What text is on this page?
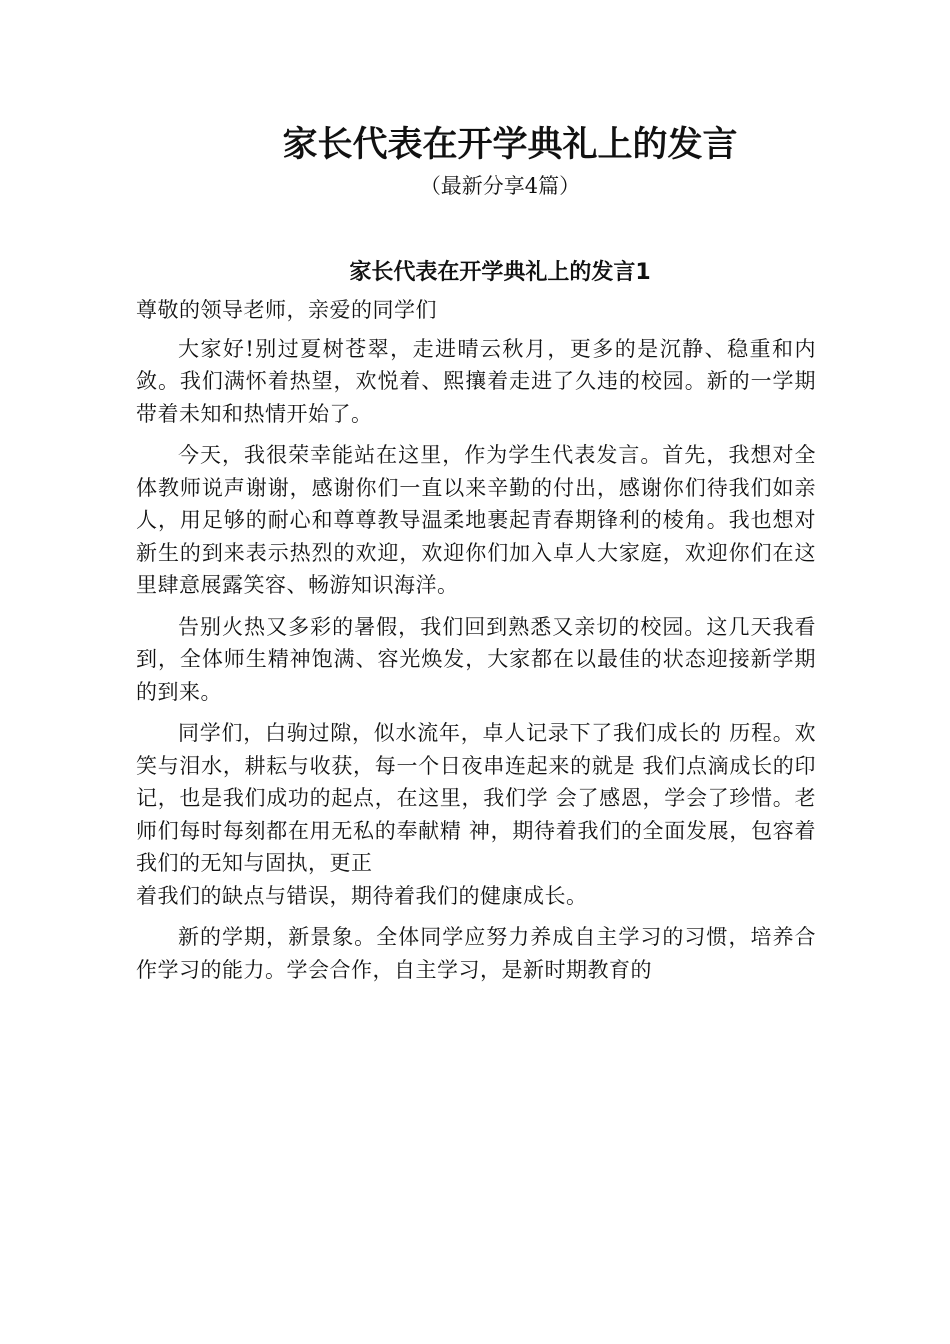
家长代表在开学典礼上的发言
（最新分享4篇）
家长代表在开学典礼上的发言1

尊敬的领导老师，亲爱的同学们

大家好!别过夏树苍翠，走进晴云秋月，更多的是沉静、稳重和内敛。我们满怀着热望，欢悦着、熙攘着走进了久违的校园。新的一学期带着未知和热情开始了。

今天，我很荣幸能站在这里，作为学生代表发言。首先，我想对全体教师说声谢谢，感谢你们一直以来辛勤的付出，感谢你们待我们如亲人，用足够的耐心和尊尊教导温柔地裹起青春期锋利的棱角。我也想对新生的到来表示热烈的欢迎，欢迎你们加入卓人大家庭，欢迎你们在这里肆意展露笑容、畅游知识海洋。

告别火热又多彩的暑假，我们回到熟悉又亲切的校园。这几天我看到，全体师生精神饱满、容光焕发，大家都在以最佳的状态迎接新学期的到来。

同学们，白驹过隙，似水流年，卓人记录下了我们成长的 历程。欢笑与泪水，耕耘与收获，每一个日夜串连起来的就是 我们点滴成长的印记，也是我们成功的起点，在这里，我们学 会了感恩，学会了珍惜。老师们每时每刻都在用无私的奉献精 神，期待着我们的全面发展，包容着我们的无知与固执，更正

着我们的缺点与错误，期待着我们的健康成长。

新的学期，新景象。全体同学应努力养成自主学习的习惯，培养合作学习的能力。学会合作，自主学习，是新时期教育的
